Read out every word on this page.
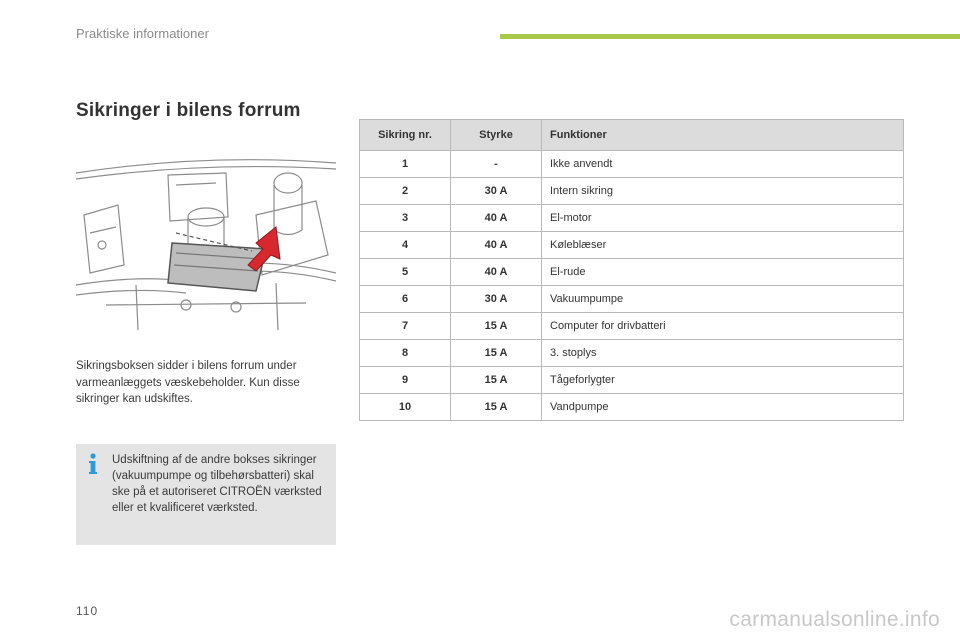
Praktiske informationer
Sikringer i bilens forrum

Sikringsboksen sidder i bilens forrum under varmeanlæggets væskebeholder. Kun disse sikringer kan udskiftes.

Udskiftning af de andre bokses sikringer (vakuumpumpe og tilbehørsbatteri) skal ske på et autoriseret CITROËN værksted eller et kvalificeret værksted.
Sikring nr.	Styrke	Funktioner
1	-	Ikke anvendt
2	30 A	Intern sikring
3	40 A	El-motor
4	40 A	Køleblæser
5	40 A	El-rude
6	30 A	Vakuumpumpe
7	15 A	Computer for drivbatteri
8	15 A	3. stoplys
9	15 A	Tågeforlygter
10	15 A	Vandpumpe
110	carmanualsonline.info
